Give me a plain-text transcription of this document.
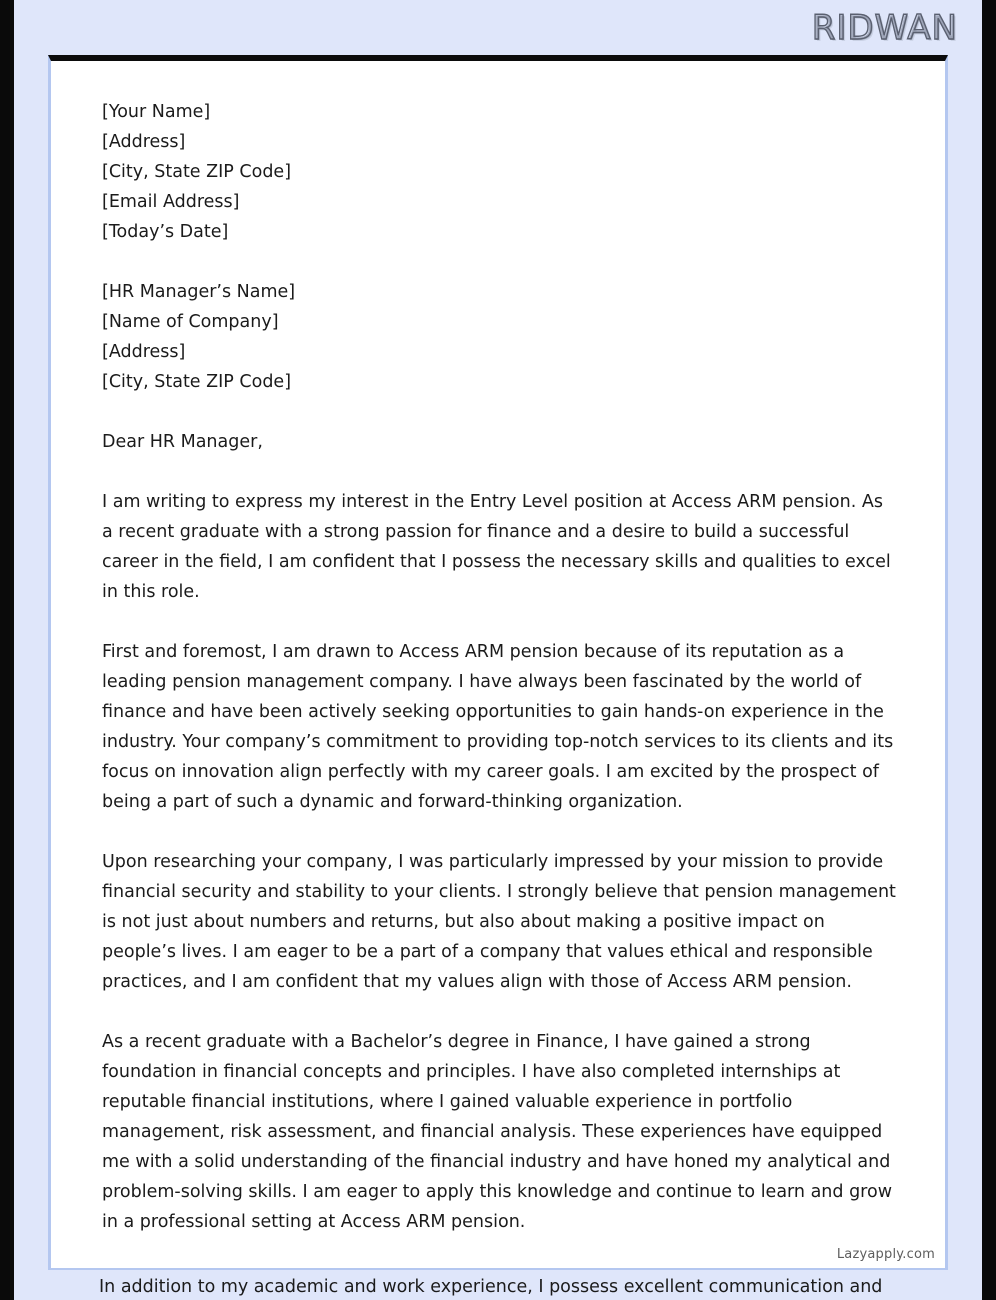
RIDWAN
[Your Name]
[Address]
[City, State ZIP Code]
[Email Address]
[Today’s Date]
[HR Manager’s Name]
[Name of Company]
[Address]
[City, State ZIP Code]
Dear HR Manager,

I am writing to express my interest in the Entry Level position at Access ARM pension. As a recent graduate with a strong passion for finance and a desire to build a successful career in the field, I am confident that I possess the necessary skills and qualities to excel in this role.

First and foremost, I am drawn to Access ARM pension because of its reputation as a leading pension management company. I have always been fascinated by the world of finance and have been actively seeking opportunities to gain hands-on experience in the industry. Your company’s commitment to providing top-notch services to its clients and its focus on innovation align perfectly with my career goals. I am excited by the prospect of being a part of such a dynamic and forward-thinking organization.

Upon researching your company, I was particularly impressed by your mission to provide financial security and stability to your clients. I strongly believe that pension management is not just about numbers and returns, but also about making a positive impact on people’s lives. I am eager to be a part of a company that values ethical and responsible practices, and I am confident that my values align with those of Access ARM pension.

As a recent graduate with a Bachelor’s degree in Finance, I have gained a strong foundation in financial concepts and principles. I have also completed internships at reputable financial institutions, where I gained valuable experience in portfolio management, risk assessment, and financial analysis. These experiences have equipped me with a solid understanding of the financial industry and have honed my analytical and problem-solving skills. I am eager to apply this knowledge and continue to learn and grow in a professional setting at Access ARM pension.

Lazyapply.com
In addition to my academic and work experience, I possess excellent communication and
